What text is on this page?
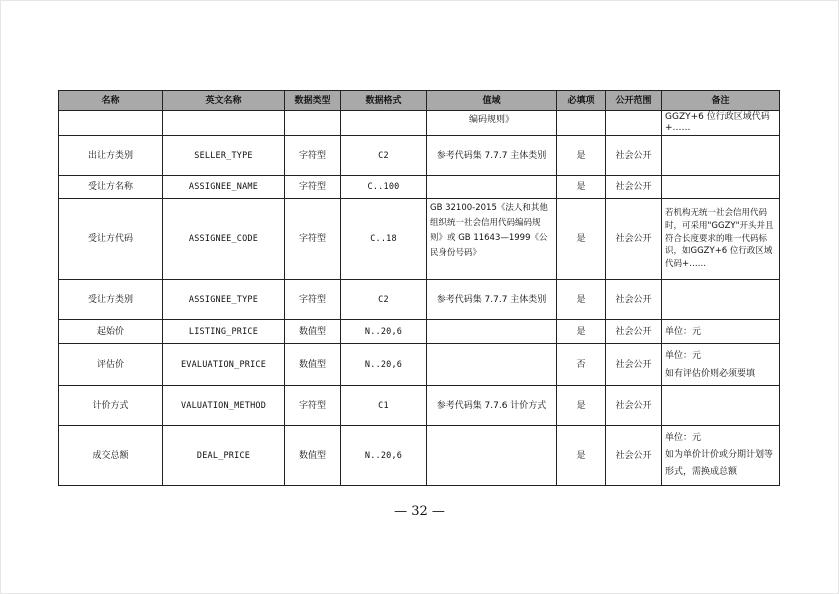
名称	英文名称	数据类型	数据格式	值域	必填项	公开范围	备注
				编码规则》			GGZY+6 位行政区域代码+……
出让方类别	SELLER_TYPE	字符型	C2	参考代码集 7.7.7 主体类别	是	社会公开	
受让方名称	ASSIGNEE_NAME	字符型	C..100		是	社会公开	
受让方代码	ASSIGNEE_CODE	字符型	C..18	GB 32100-2015《法人和其他组织统一社会信用代码编码规则》或 GB 11643—1999《公民身份号码》	是	社会公开	若机构无统一社会信用代码时，可采用"GGZY"开头并且符合长度要求的唯一代码标识，如GGZY+6 位行政区域代码+……
受让方类别	ASSIGNEE_TYPE	字符型	C2	参考代码集 7.7.7 主体类别	是	社会公开	
起始价	LISTING_PRICE	数值型	N..20,6		是	社会公开	单位：元
评估价	EVALUATION_PRICE	数值型	N..20,6		否	社会公开	单位：元
如有评估价则必须要填
计价方式	VALUATION_METHOD	字符型	C1	参考代码集 7.7.6 计价方式	是	社会公开	
成交总额	DEAL_PRICE	数值型	N..20,6		是	社会公开	单位：元
如为单价计价或分期计划等形式，需换成总额
— 32 —
